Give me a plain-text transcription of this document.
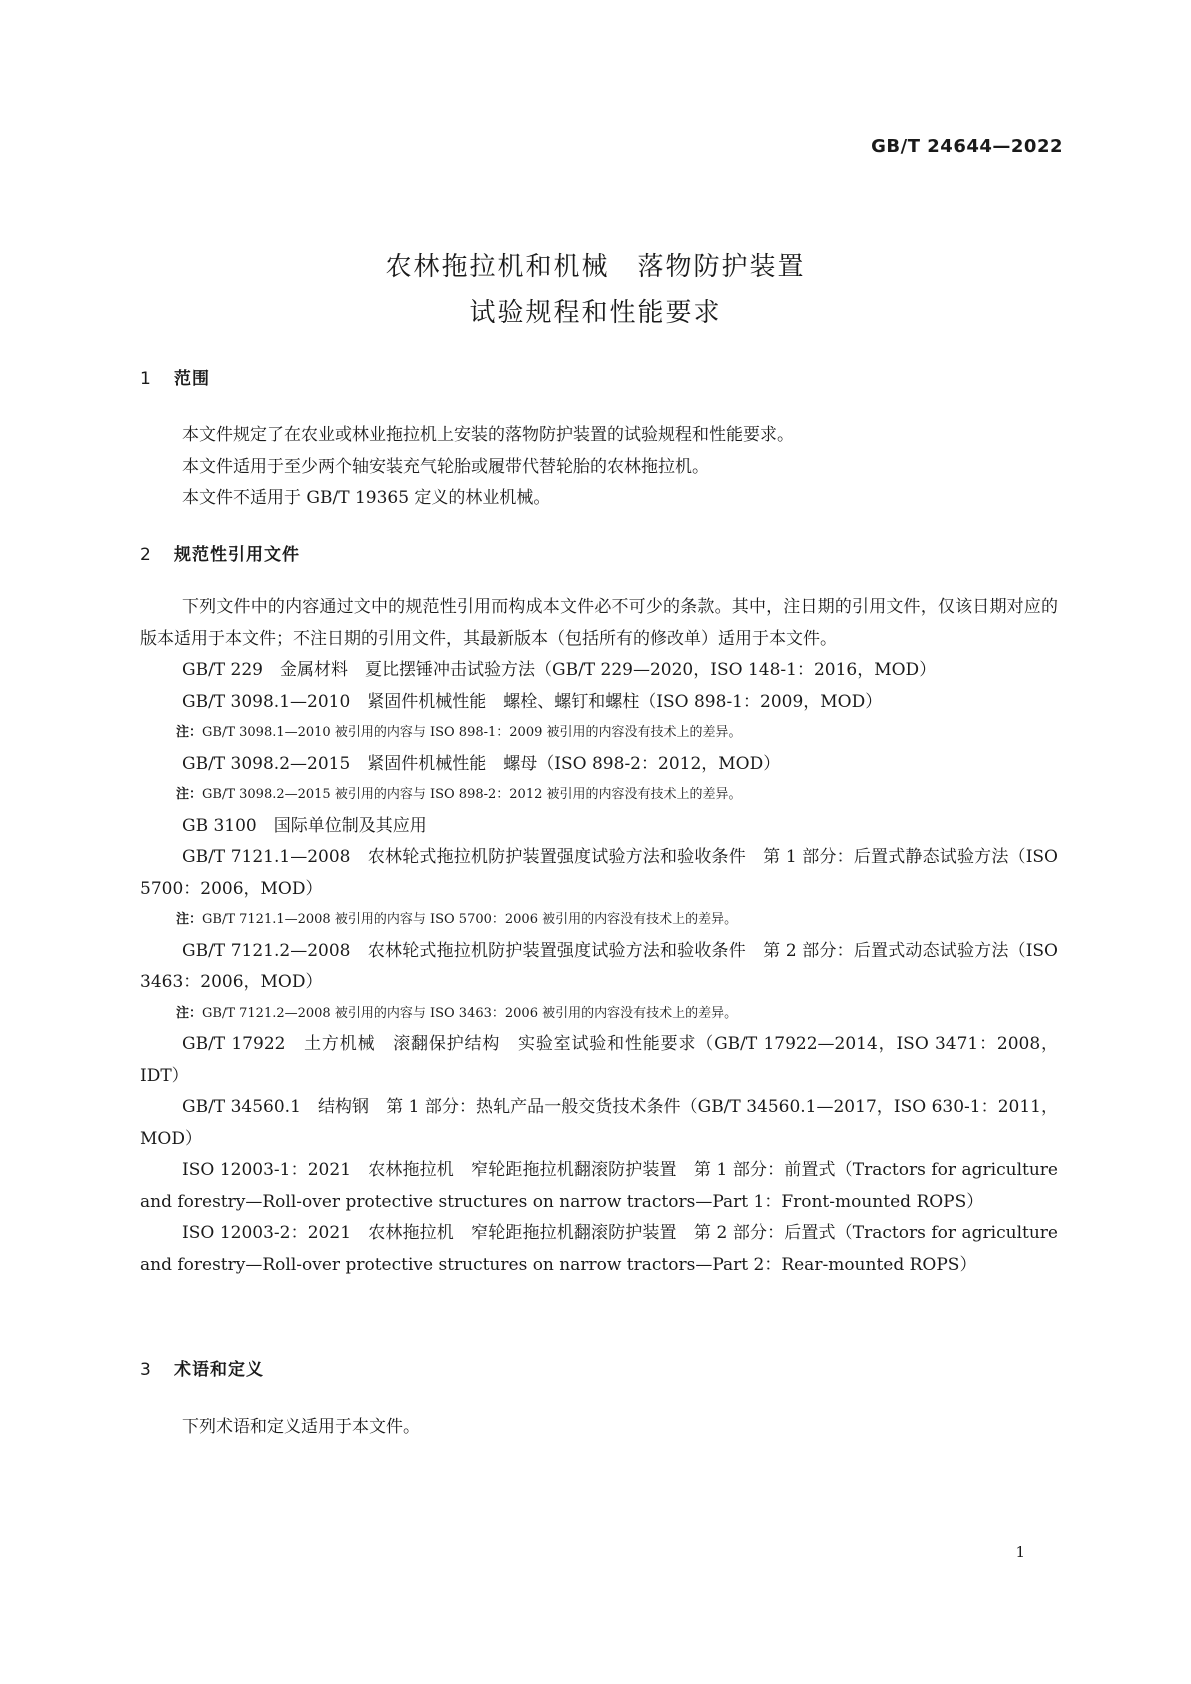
GB/T 24644—2022
农林拖拉机和机械　落物防护装置
试验规程和性能要求
1 范围

本文件规定了在农业或林业拖拉机上安装的落物防护装置的试验规程和性能要求。

本文件适用于至少两个轴安装充气轮胎或履带代替轮胎的农林拖拉机。

本文件不适用于 GB/T 19365 定义的林业机械。

2 规范性引用文件

下列文件中的内容通过文中的规范性引用而构成本文件必不可少的条款。其中，注日期的引用文件，仅该日期对应的版本适用于本文件；不注日期的引用文件，其最新版本（包括所有的修改单）适用于本文件。

GB/T 229　金属材料　夏比摆锤冲击试验方法（GB/T 229—2020，ISO 148-1：2016，MOD）

GB/T 3098.1—2010　紧固件机械性能　螺栓、螺钉和螺柱（ISO 898-1：2009，MOD）

注：GB/T 3098.1—2010 被引用的内容与 ISO 898-1：2009 被引用的内容没有技术上的差异。

GB/T 3098.2—2015　紧固件机械性能　螺母（ISO 898-2：2012，MOD）

注：GB/T 3098.2—2015 被引用的内容与 ISO 898-2：2012 被引用的内容没有技术上的差异。

GB 3100　国际单位制及其应用

GB/T 7121.1—2008　农林轮式拖拉机防护装置强度试验方法和验收条件　第 1 部分：后置式静态试验方法（ISO 5700：2006，MOD）

注：GB/T 7121.1—2008 被引用的内容与 ISO 5700：2006 被引用的内容没有技术上的差异。

GB/T 7121.2—2008　农林轮式拖拉机防护装置强度试验方法和验收条件　第 2 部分：后置式动态试验方法（ISO 3463：2006，MOD）

注：GB/T 7121.2—2008 被引用的内容与 ISO 3463：2006 被引用的内容没有技术上的差异。

GB/T 17922　土方机械　滚翻保护结构　实验室试验和性能要求（GB/T 17922—2014，ISO 3471：2008，IDT）

GB/T 34560.1　结构钢　第 1 部分：热轧产品一般交货技术条件（GB/T 34560.1—2017，ISO 630-1：2011，MOD）

ISO 12003-1：2021　农林拖拉机　窄轮距拖拉机翻滚防护装置　第 1 部分：前置式（Tractors for agriculture and forestry—Roll-over protective structures on narrow tractors—Part 1：Front-mounted ROPS）

ISO 12003-2：2021　农林拖拉机　窄轮距拖拉机翻滚防护装置　第 2 部分：后置式（Tractors for agriculture and forestry—Roll-over protective structures on narrow tractors—Part 2：Rear-mounted ROPS）

3 术语和定义

下列术语和定义适用于本文件。

1
